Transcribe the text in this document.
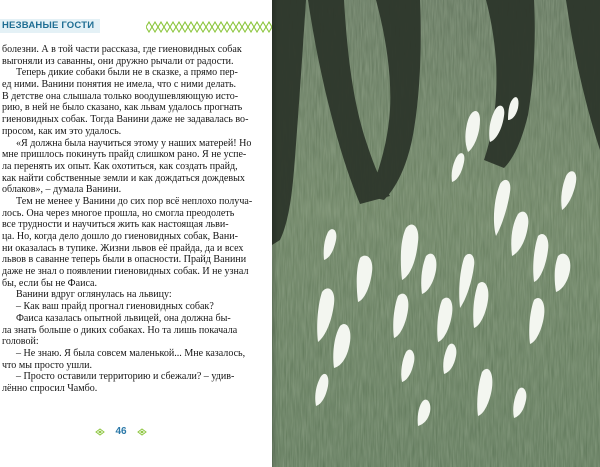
НЕЗВАНЫЕ ГОСТИ
болезни. А в той части рассказа, где гиеновидных собак
выгоняли из саванны, они дружно рычали от радости.
Теперь дикие собаки были не в сказке, а прямо пер-
ед ними. Ванини понятия не имела, что с ними делать.
В детстве она слышала только воодушевляющую исто-
рию, в ней не было сказано, как львам удалось прогнать
гиеновидных собак. Тогда Ванини даже не задавалась во-
просом, как им это удалось.
«Я должна была научиться этому у наших матерей! Но
мне пришлось покинуть прайд слишком рано. Я не успе-
ла перенять их опыт. Как охотиться, как создать прайд,
как найти собственные земли и как дождаться дождевых
облаков», – думала Ванини.
Тем не менее у Ванини до сих пор всё неплохо получа-
лось. Она через многое прошла, но смогла преодолеть
все трудности и научиться жить как настоящая льви-
ца. Но, когда дело дошло до гиеновидных собак, Вани-
ни оказалась в тупике. Жизни львов её прайда, да и всех
львов в саванне теперь были в опасности. Прайд Ванини
даже не знал о появлении гиеновидных собак. И не узнал
бы, если бы не Фаиса.
Ванини вдруг оглянулась на львицу:
– Как ваш прайд прогнал гиеновидных собак?
Фаиса казалась опытной львицей, она должна бы-
ла знать больше о диких собаках. Но та лишь покачала
головой:
– Не знаю. Я была совсем маленькой... Мне казалось,
что мы просто ушли.
– Просто оставили территорию и сбежали? – удив-
лённо спросил Чамбо.
46
